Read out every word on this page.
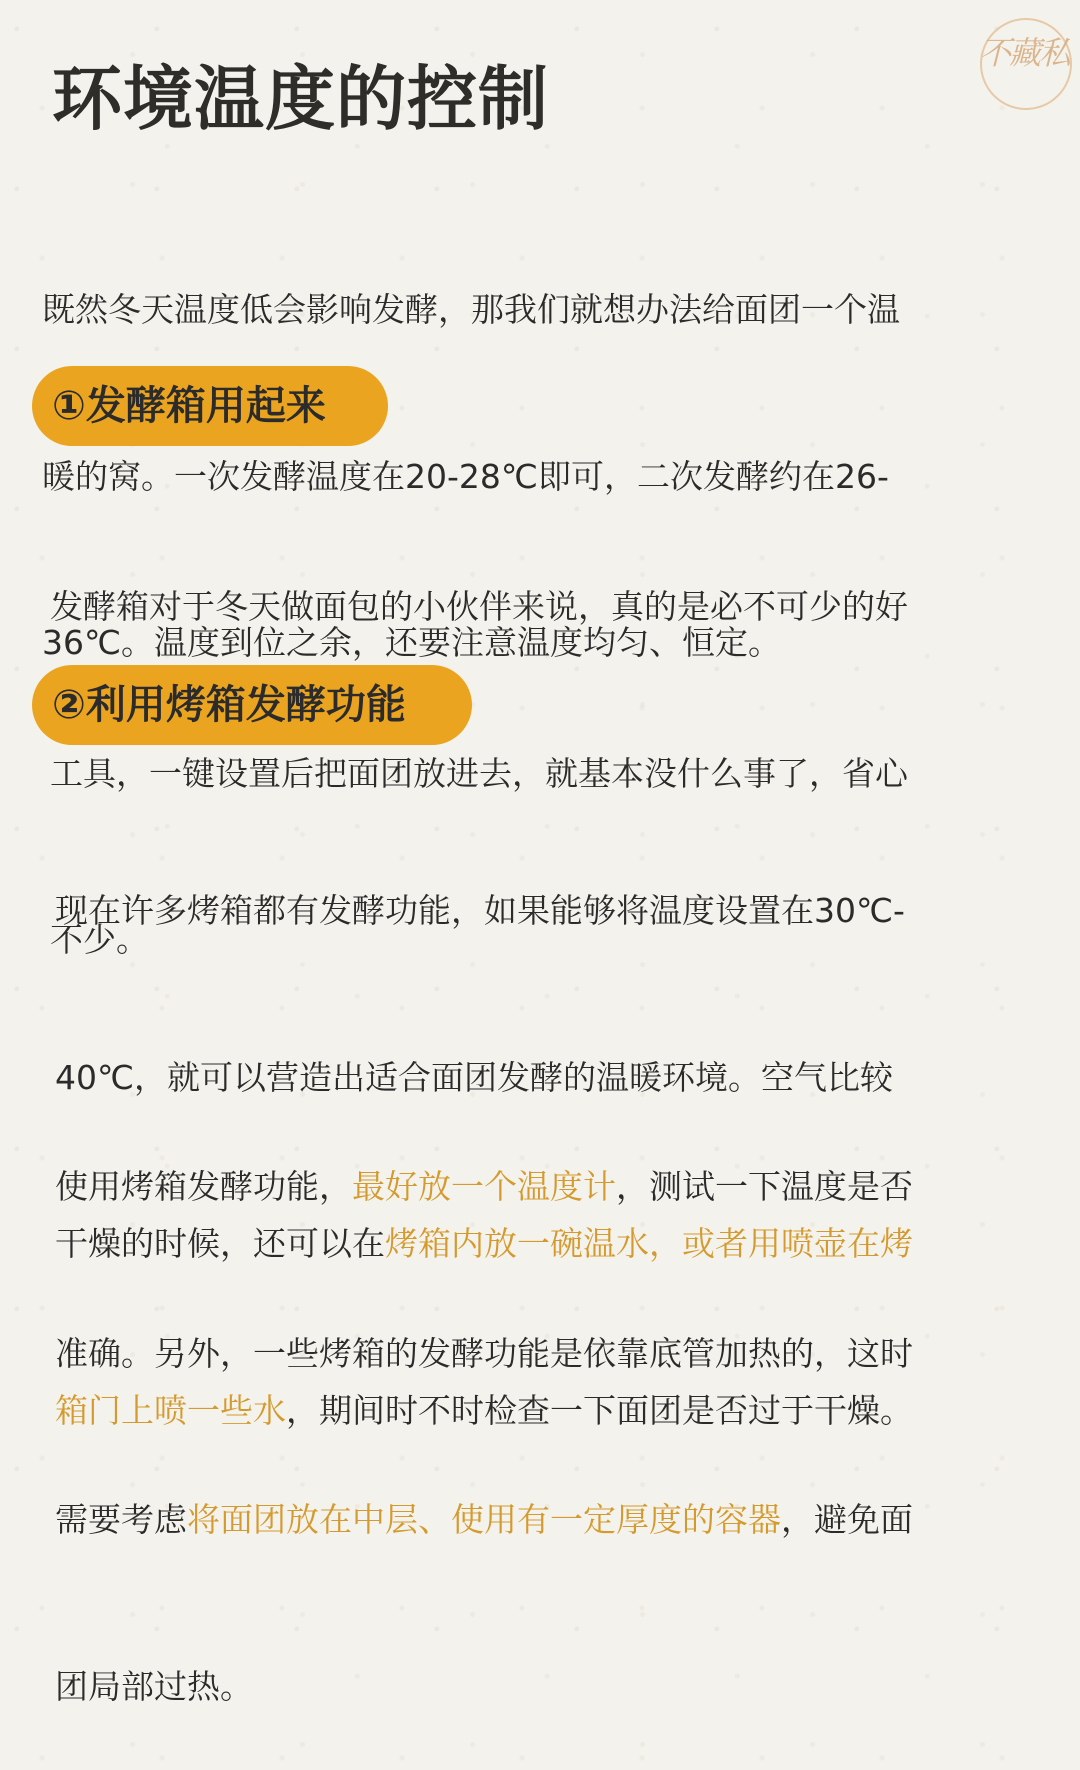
不藏私
环境温度的控制

既然冬天温度低会影响发酵，那我们就想办法给面团一个温

暖的窝。一次发酵温度在20-28℃即可，二次发酵约在26-

36℃。温度到位之余，还要注意温度均匀、恒定。

①发酵箱用起来

发酵箱对于冬天做面包的小伙伴来说，真的是必不可少的好

工具，一键设置后把面团放进去，就基本没什么事了，省心

不少。

②利用烤箱发酵功能

现在许多烤箱都有发酵功能，如果能够将温度设置在30℃-

40℃，就可以营造出适合面团发酵的温暖环境。空气比较

干燥的时候，还可以在烤箱内放一碗温水，或者用喷壶在烤

箱门上喷一些水，期间时不时检查一下面团是否过于干燥。

使用烤箱发酵功能，最好放一个温度计，测试一下温度是否

准确。另外，一些烤箱的发酵功能是依靠底管加热的，这时

需要考虑将面团放在中层、使用有一定厚度的容器，避免面

团局部过热。
